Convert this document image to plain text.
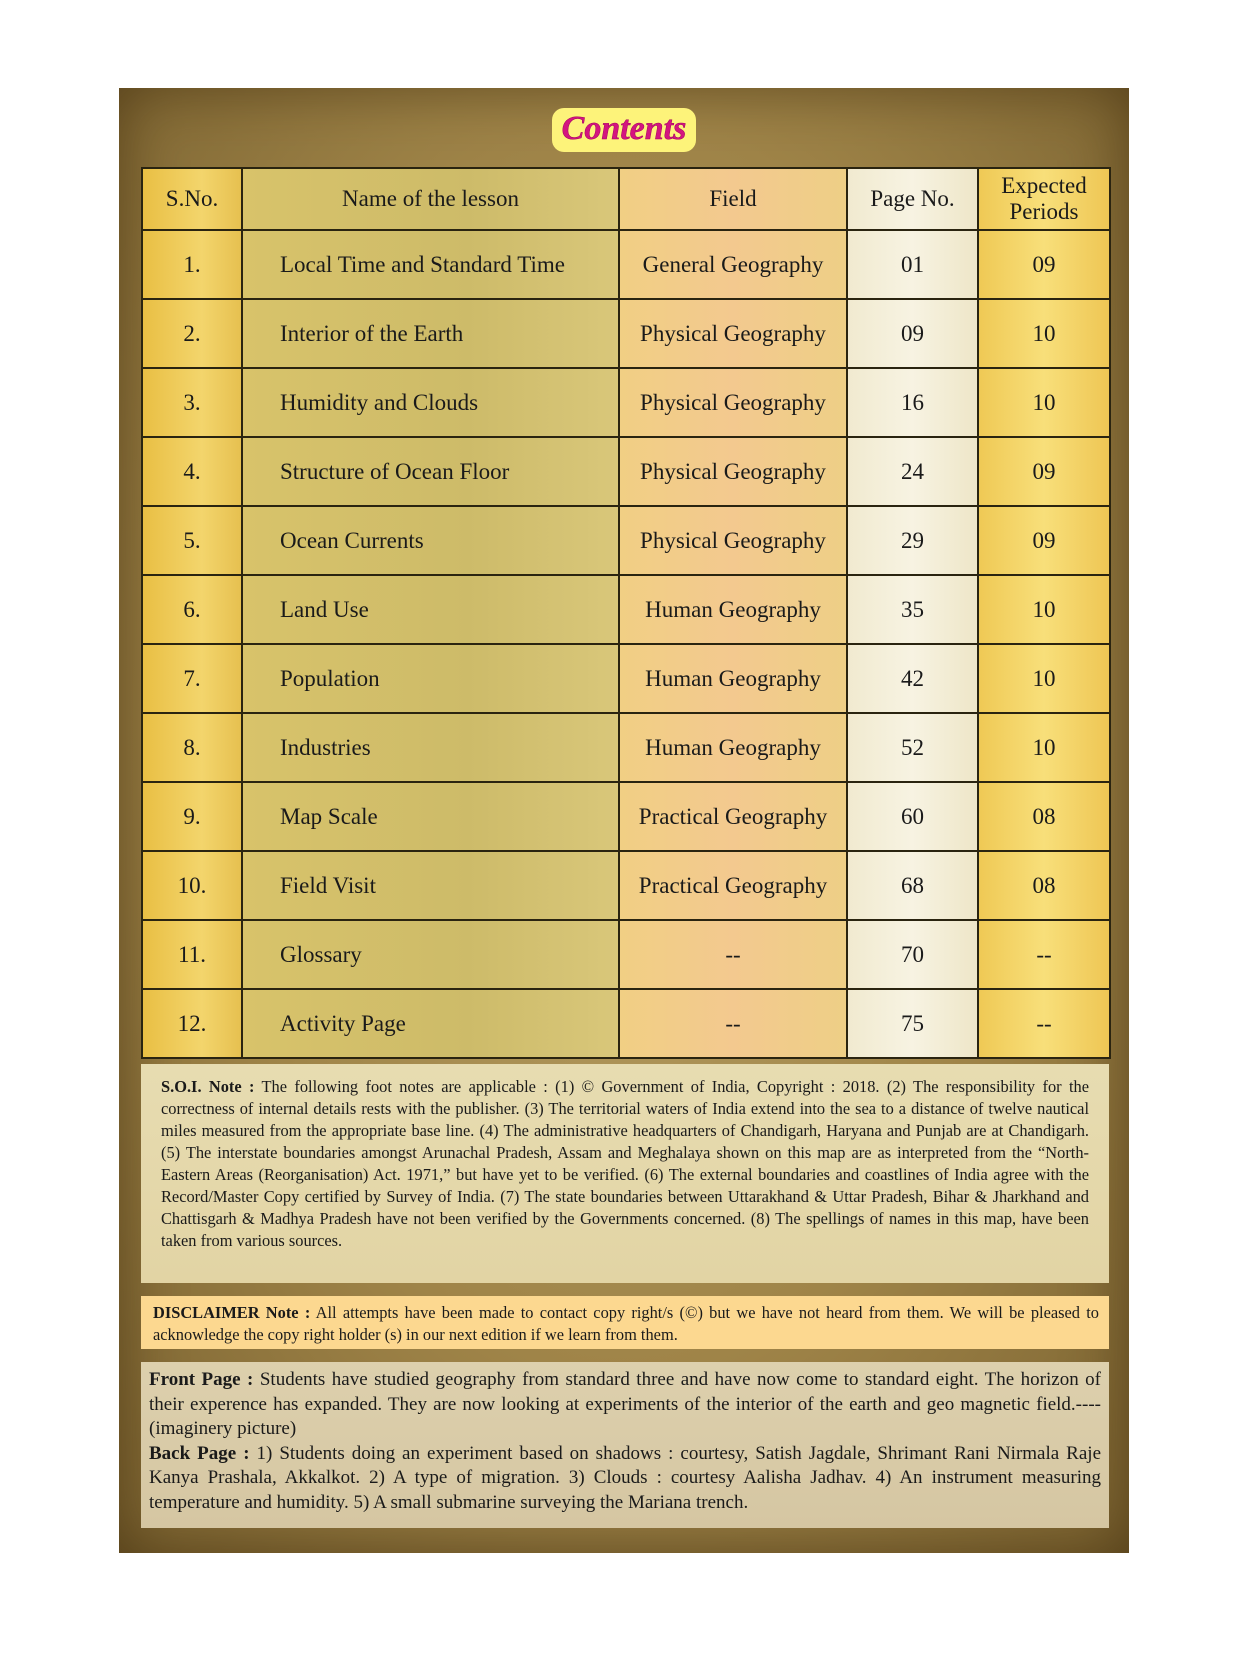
Contents
S.No.	Name of the lesson	Field	Page No.	Expected Periods
1.	Local Time and Standard Time	General Geography	01	09
2.	Interior of the Earth	Physical Geography	09	10
3.	Humidity and Clouds	Physical Geography	16	10
4.	Structure of Ocean Floor	Physical Geography	24	09
5.	Ocean Currents	Physical Geography	29	09
6.	Land Use	Human Geography	35	10
7.	Population	Human Geography	42	10
8.	Industries	Human Geography	52	10
9.	Map Scale	Practical Geography	60	08
10.	Field Visit	Practical Geography	68	08
11.	Glossary	--	70	--
12.	Activity Page	--	75	--
S.O.I. Note : The following foot notes are applicable : (1) © Government of India, Copyright : 2018. (2) The responsibility for the correctness of internal details rests with the publisher. (3) The territorial waters of India extend into the sea to a distance of twelve nautical miles measured from the appropriate base line. (4) The administrative headquarters of Chandigarh, Haryana and Punjab are at Chandigarh. (5) The interstate boundaries amongst Arunachal Pradesh, Assam and Meghalaya shown on this map are as interpreted from the “North-Eastern Areas (Reorganisation) Act. 1971,” but have yet to be verified. (6) The external boundaries and coastlines of India agree with the Record/Master Copy certified by Survey of India. (7) The state boundaries between Uttarakhand & Uttar Pradesh, Bihar & Jharkhand and Chattisgarh & Madhya Pradesh have not been verified by the Governments concerned. (8) The spellings of names in this map, have been taken from various sources.
DISCLAIMER Note : All attempts have been made to contact copy right/s (©) but we have not heard from them. We will be pleased to acknowledge the copy right holder (s) in our next edition if we learn from them.
Front Page : Students have studied geography from standard three and have now come to standard eight. The horizon of their experence has expanded. They are now looking at experiments of the interior of the earth and geo magnetic field.---- (imaginery picture)
Back Page : 1) Students doing an experiment based on shadows : courtesy, Satish Jagdale, Shrimant Rani Nirmala Raje Kanya Prashala, Akkalkot. 2) A type of migration. 3) Clouds : courtesy Aalisha Jadhav. 4) An instrument measuring temperature and humidity. 5) A small submarine surveying the Mariana trench.
